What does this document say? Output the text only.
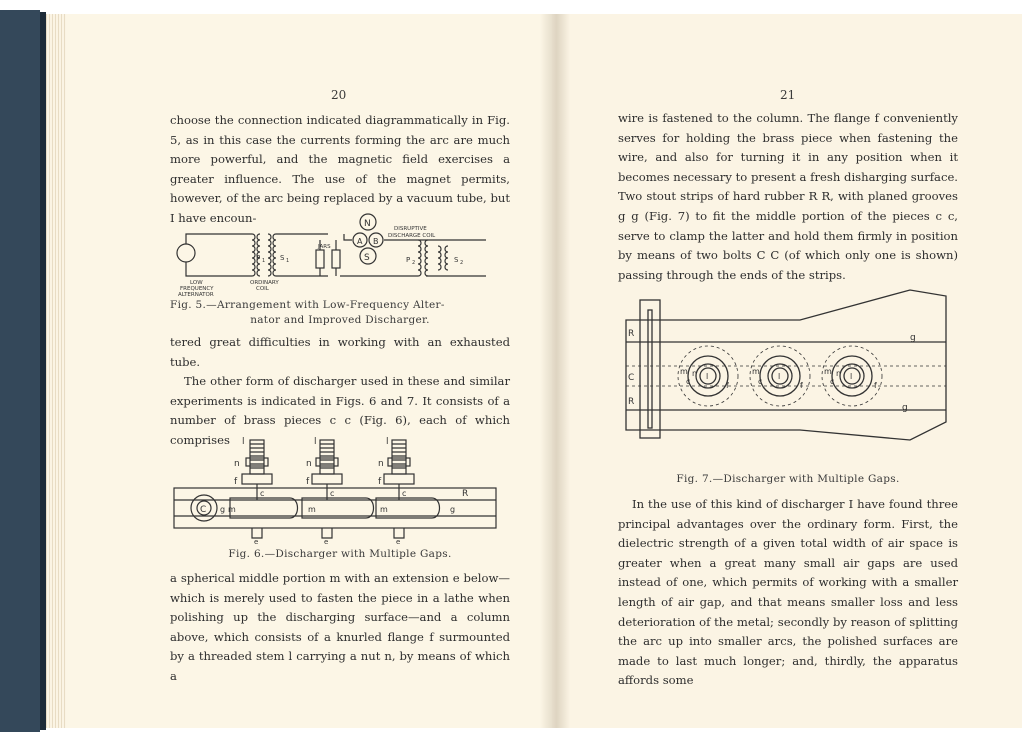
20

choose the connection indicated diagrammatically in Fig. 5, as in this case the currents forming the arc are much more powerful, and the magnetic field exercises a greater influence. The use of the magnet permits, however, of the arc being replaced by a vacuum tube, but I have encoun-	N
A B
S
DISRUPTIVE
DISCHARGE COIL
JARS
P 1 S 1	P 2	S 2
LOW
FREQUENCY
ALTERNATOR
ORDINARY
COIL
Fig. 5.—Arrangement with Low-Frequency Alter-
nator and Improved Discharger.

tered great difficulties in working with an exhausted tube.

The other form of discharger used in these and similar experiments is indicated in Figs. 6 and 7. It consists of a number of brass pieces c c (Fig. 6), each of which comprises	l	l	l
n	n	n
f	f	f
c	c	c
C g m	m	m	g
R
e	e	e
Fig. 6.—Discharger with Multiple Gaps.

a spherical middle portion m with an extension e below—which is merely used to fasten the piece in a lathe when polishing up the discharging surface—and a column above, which consists of a knurled flange f surmounted by a threaded stem l carrying a nut n, by means of which a

21

wire is fastened to the column. The flange f conveniently serves for holding the brass piece when fastening the wire, and also for turning it in any position when it becomes necessary to present a fresh disharging surface. Two stout strips of hard rubber R R, with planed grooves g g (Fig. 7) to fit the middle portion of the pieces c c, serve to clamp the latter and hold them firmly in position by means of two bolts C C (of which only one is shown) passing through the ends of the strips.

R
R
C
g
g
m n l
c	f
m
l
c	f
m n l
c	f
Fig. 7.—Discharger with Multiple Gaps.

In the use of this kind of discharger I have found three principal advantages over the ordinary form. First, the dielectric strength of a given total width of air space is greater when a great many small air gaps are used instead of one, which permits of working with a smaller length of air gap, and that means smaller loss and less deterioration of the metal; secondly by reason of splitting the arc up into smaller arcs, the polished surfaces are made to last much longer; and, thirdly, the apparatus affords some
